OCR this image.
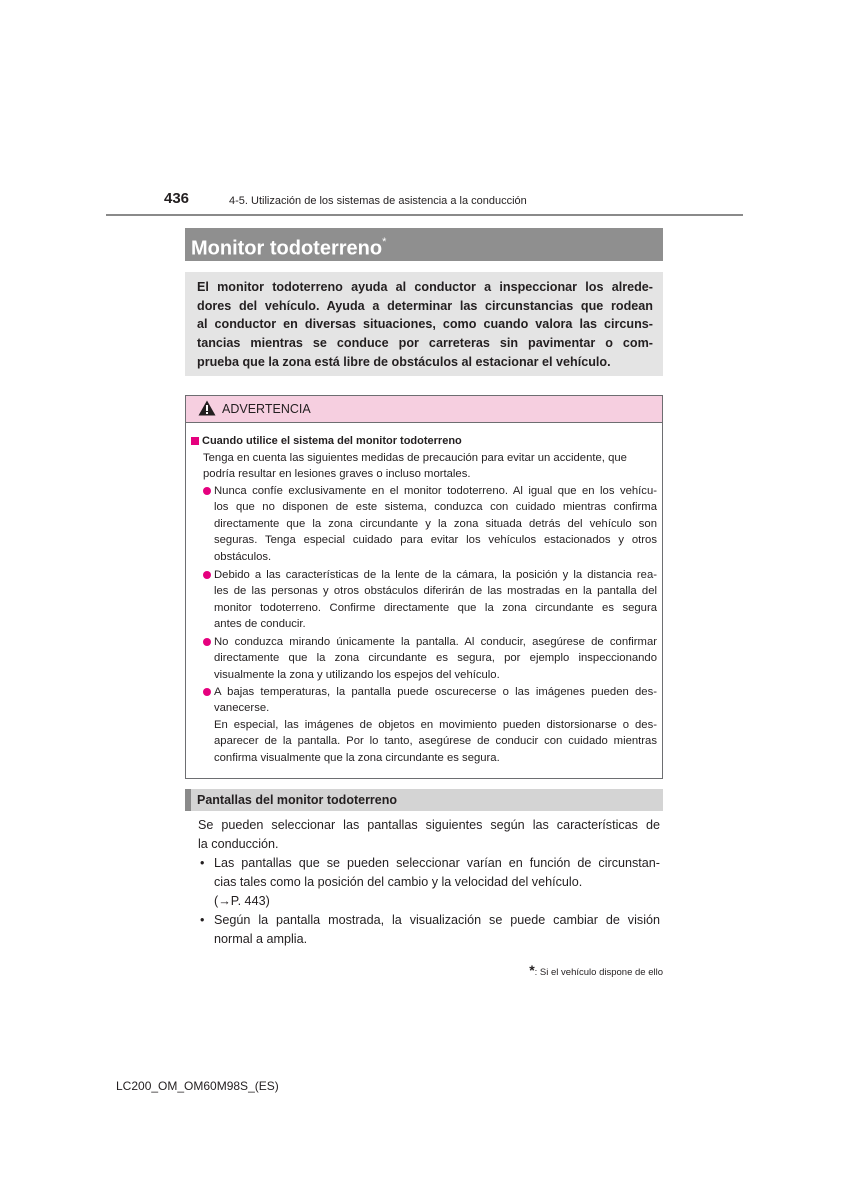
436	4-5. Utilización de los sistemas de asistencia a la conducción
Monitor todoterreno*
El monitor todoterreno ayuda al conductor a inspeccionar los alrede-
dores del vehículo. Ayuda a determinar las circunstancias que rodean
al conductor en diversas situaciones, como cuando valora las circuns-
tancias mientras se conduce por carreteras sin pavimentar o com-
prueba que la zona está libre de obstáculos al estacionar el vehículo.
ADVERTENCIA
Cuando utilice el sistema del monitor todoterreno
Tenga en cuenta las siguientes medidas de precaución para evitar un accidente, que
podría resultar en lesiones graves o incluso mortales.
Nunca confíe exclusivamente en el monitor todoterreno. Al igual que en los vehícu-
los que no disponen de este sistema, conduzca con cuidado mientras confirma
directamente que la zona circundante y la zona situada detrás del vehículo son
seguras. Tenga especial cuidado para evitar los vehículos estacionados y otros
obstáculos.
Debido a las características de la lente de la cámara, la posición y la distancia rea-
les de las personas y otros obstáculos diferirán de las mostradas en la pantalla del
monitor todoterreno. Confirme directamente que la zona circundante es segura
antes de conducir.
No conduzca mirando únicamente la pantalla. Al conducir, asegúrese de confirmar
directamente que la zona circundante es segura, por ejemplo inspeccionando
visualmente la zona y utilizando los espejos del vehículo.
A bajas temperaturas, la pantalla puede oscurecerse o las imágenes pueden des-
vanecerse.
En especial, las imágenes de objetos en movimiento pueden distorsionarse o des-
aparecer de la pantalla. Por lo tanto, asegúrese de conducir con cuidado mientras
confirma visualmente que la zona circundante es segura.
Pantallas del monitor todoterreno
Se pueden seleccionar las pantallas siguientes según las características de
la conducción.
• Las pantallas que se pueden seleccionar varían en función de circunstan-
cias tales como la posición del cambio y la velocidad del vehículo.
(→P. 443)
• Según la pantalla mostrada, la visualización se puede cambiar de visión
normal a amplia.
*: Si el vehículo dispone de ello
LC200_OM_OM60M98S_(ES)
